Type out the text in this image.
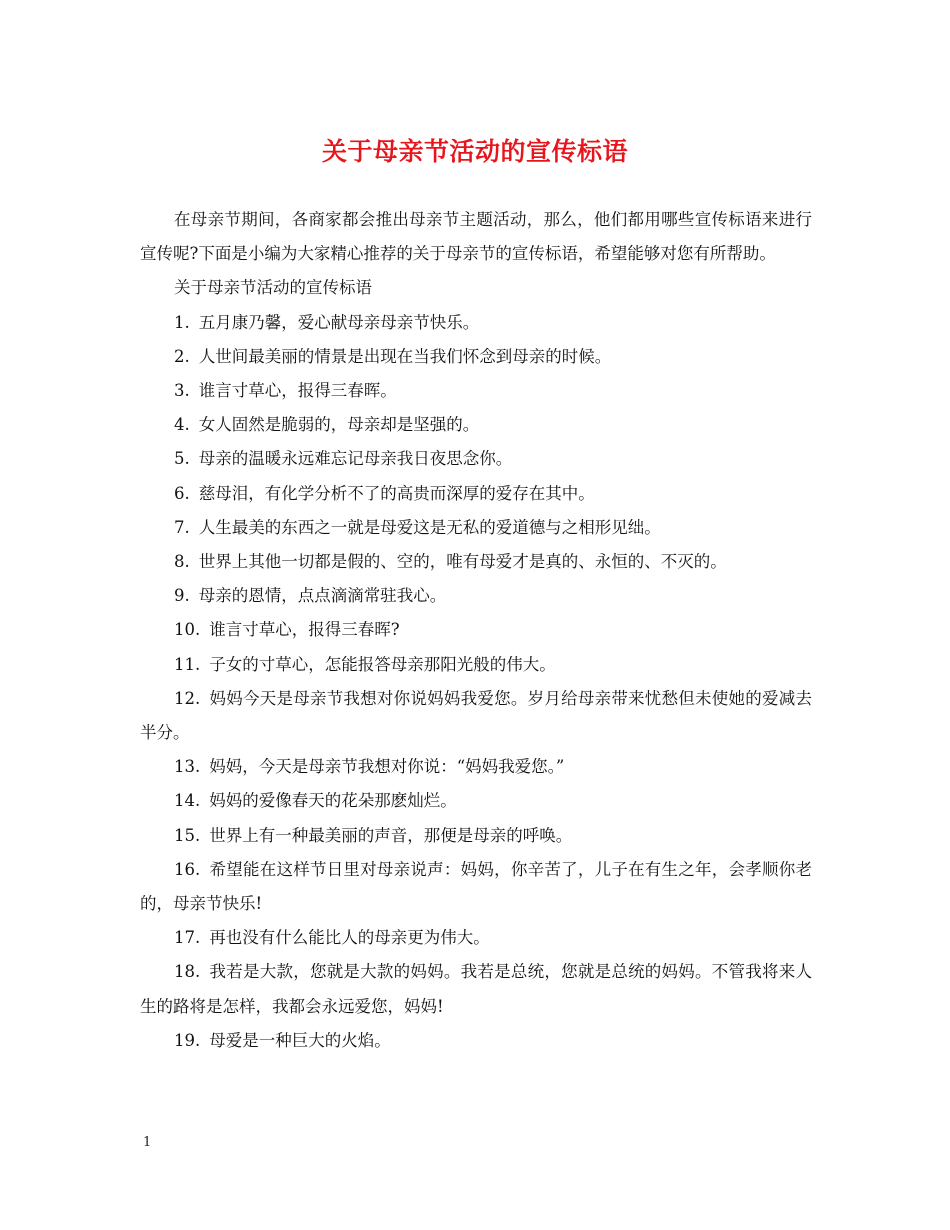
关于母亲节活动的宣传标语

在母亲节期间，各商家都会推出母亲节主题活动，那么，他们都用哪些宣传标语来进行宣传呢?下面是小编为大家精心推荐的关于母亲节的宣传标语，希望能够对您有所帮助。

关于母亲节活动的宣传标语

1. 五月康乃馨，爱心献母亲母亲节快乐。
2. 人世间最美丽的情景是出现在当我们怀念到母亲的时候。
3. 谁言寸草心，报得三春晖。
4. 女人固然是脆弱的，母亲却是坚强的。
5. 母亲的温暖永远难忘记母亲我日夜思念你。
6. 慈母泪，有化学分析不了的高贵而深厚的爱存在其中。
7. 人生最美的东西之一就是母爱这是无私的爱道德与之相形见绌。
8. 世界上其他一切都是假的、空的，唯有母爱才是真的、永恒的、不灭的。
9. 母亲的恩情，点点滴滴常驻我心。
10. 谁言寸草心，报得三春晖?
11. 子女的寸草心，怎能报答母亲那阳光般的伟大。
12. 妈妈今天是母亲节我想对你说妈妈我爱您。岁月给母亲带来忧愁但未使她的爱减去半分。
13. 妈妈，今天是母亲节我想对你说：“妈妈我爱您。”
14. 妈妈的爱像春天的花朵那麽灿烂。
15. 世界上有一种最美丽的声音，那便是母亲的呼唤。
16. 希望能在这样节日里对母亲说声：妈妈，你辛苦了，儿子在有生之年，会孝顺你老的，母亲节快乐!
17. 再也没有什么能比人的母亲更为伟大。
18. 我若是大款，您就是大款的妈妈。我若是总统，您就是总统的妈妈。不管我将来人生的路将是怎样，我都会永远爱您，妈妈!
19. 母爱是一种巨大的火焰。
1
